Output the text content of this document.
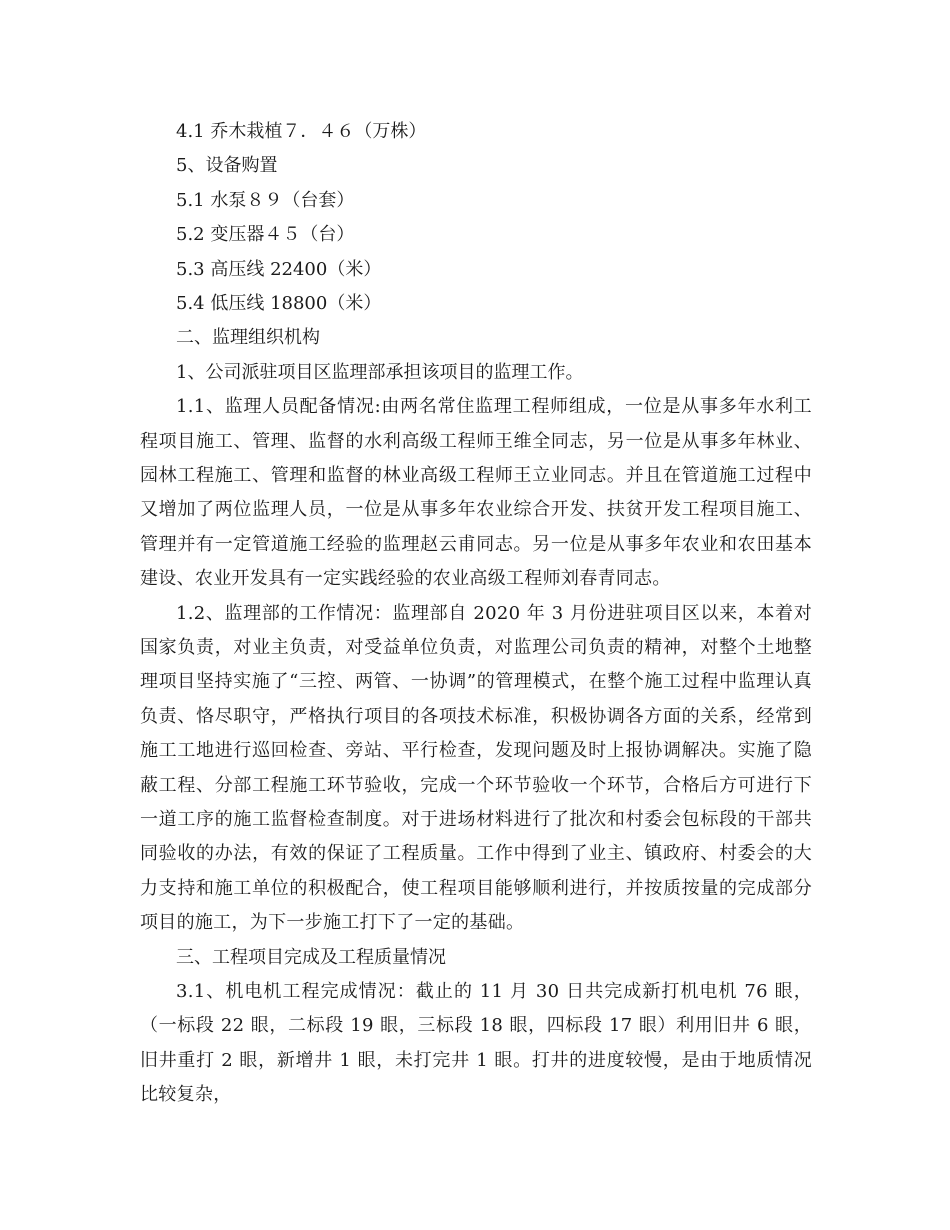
4.1 乔木栽植７．４６（万株）

5、设备购置

5.1 水泵８９（台套）

5.2 变压器４５（台）

5.3 高压线 22400（米）

5.4 低压线 18800（米）

二、监理组织机构

1、公司派驻项目区监理部承担该项目的监理工作。

1.1、监理人员配备情况:由两名常住监理工程师组成，一位是从事多年水利工程项目施工、管理、监督的水利高级工程师王维全同志，另一位是从事多年林业、园林工程施工、管理和监督的林业高级工程师王立业同志。并且在管道施工过程中又增加了两位监理人员，一位是从事多年农业综合开发、扶贫开发工程项目施工、管理并有一定管道施工经验的监理赵云甫同志。另一位是从事多年农业和农田基本建设、农业开发具有一定实践经验的农业高级工程师刘春青同志。

1.2、监理部的工作情况：监理部自 2020 年 3 月份进驻项目区以来，本着对国家负责，对业主负责，对受益单位负责，对监理公司负责的精神，对整个土地整理项目坚持实施了“三控、两管、一协调”的管理模式，在整个施工过程中监理认真负责、恪尽职守，严格执行项目的各项技术标准，积极协调各方面的关系，经常到施工工地进行巡回检查、旁站、平行检查，发现问题及时上报协调解决。实施了隐蔽工程、分部工程施工环节验收，完成一个环节验收一个环节，合格后方可进行下一道工序的施工监督检查制度。对于进场材料进行了批次和村委会包标段的干部共同验收的办法，有效的保证了工程质量。工作中得到了业主、镇政府、村委会的大力支持和施工单位的积极配合，使工程项目能够顺利进行，并按质按量的完成部分项目的施工，为下一步施工打下了一定的基础。

三、工程项目完成及工程质量情况

3.1、机电机工程完成情况：截止的 11 月 30 日共完成新打机电机 76 眼，（一标段 22 眼，二标段 19 眼，三标段 18 眼，四标段 17 眼）利用旧井 6 眼，旧井重打 2 眼，新增井 1 眼，未打完井 1 眼。打井的进度较慢，是由于地质情况比较复杂，
